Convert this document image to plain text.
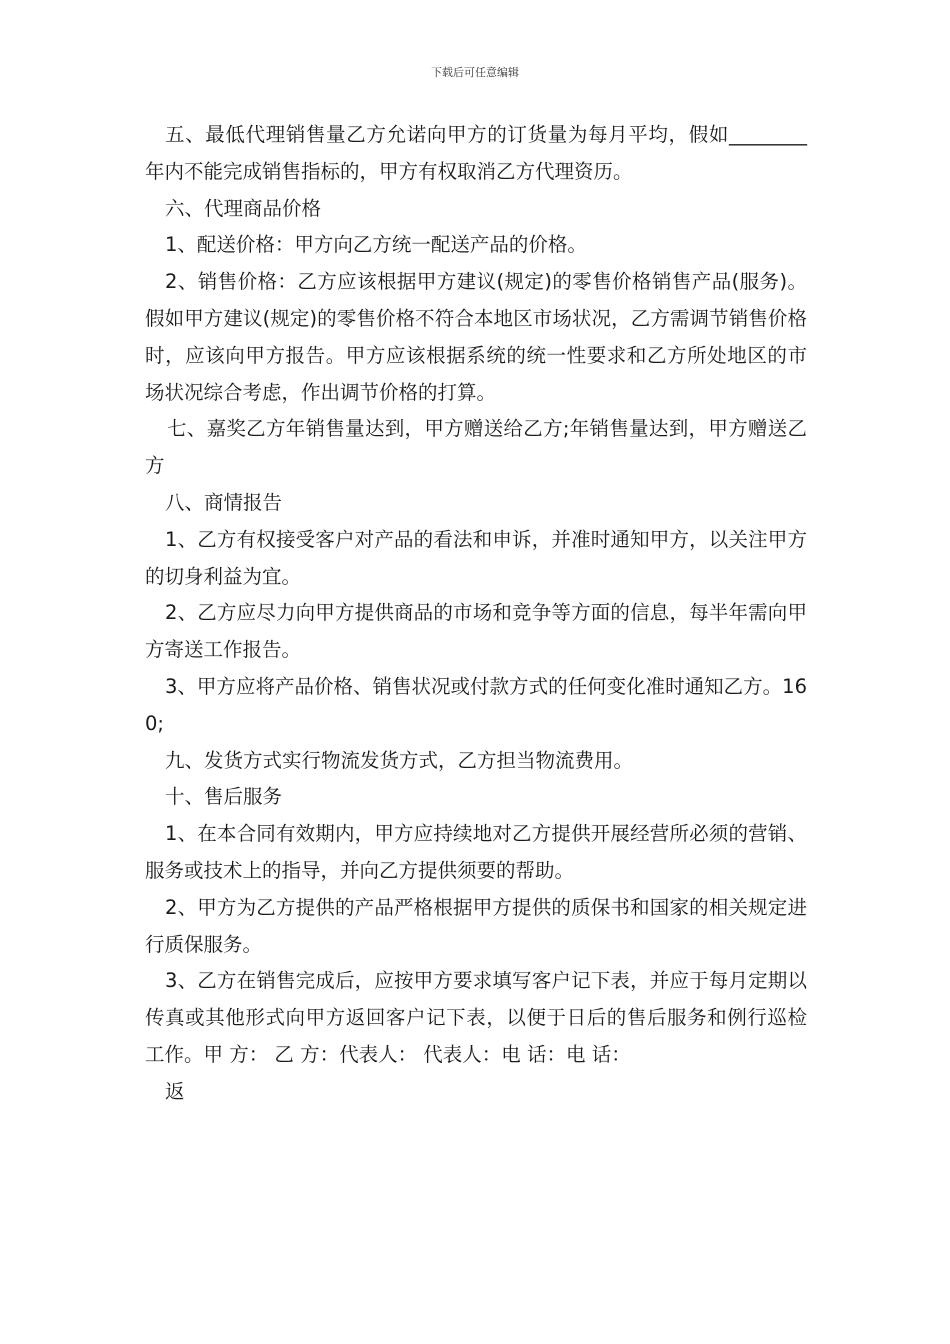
下载后可任意编辑

五、最低代理销售量乙方允诺向甲方的订货量为每月平均，假如________年内不能完成销售指标的，甲方有权取消乙方代理资历。

六、代理商品价格

1、配送价格：甲方向乙方统一配送产品的价格。

2、销售价格：乙方应该根据甲方建议(规定)的零售价格销售产品(服务)。假如甲方建议(规定)的零售价格不符合本地区市场状况，乙方需调节销售价格时，应该向甲方报告。甲方应该根据系统的统一性要求和乙方所处地区的市场状况综合考虑，作出调节价格的打算。

七、嘉奖乙方年销售量达到，甲方赠送给乙方;年销售量达到，甲方赠送乙方

八、商情报告

1、乙方有权接受客户对产品的看法和申诉，并准时通知甲方，以关注甲方的切身利益为宜。

2、乙方应尽力向甲方提供商品的市场和竞争等方面的信息，每半年需向甲方寄送工作报告。

3、甲方应将产品价格、销售状况或付款方式的任何变化准时通知乙方。160;

九、发货方式实行物流发货方式，乙方担当物流费用。

十、售后服务

1、在本合同有效期内，甲方应持续地对乙方提供开展经营所必须的营销、服务或技术上的指导，并向乙方提供须要的帮助。

2、甲方为乙方提供的产品严格根据甲方提供的质保书和国家的相关规定进行质保服务。

3、乙方在销售完成后，应按甲方要求填写客户记下表，并应于每月定期以传真或其他形式向甲方返回客户记下表，以便于日后的售后服务和例行巡检工作。甲 方： 乙 方：代表人： 代表人：电 话：电 话：

返
